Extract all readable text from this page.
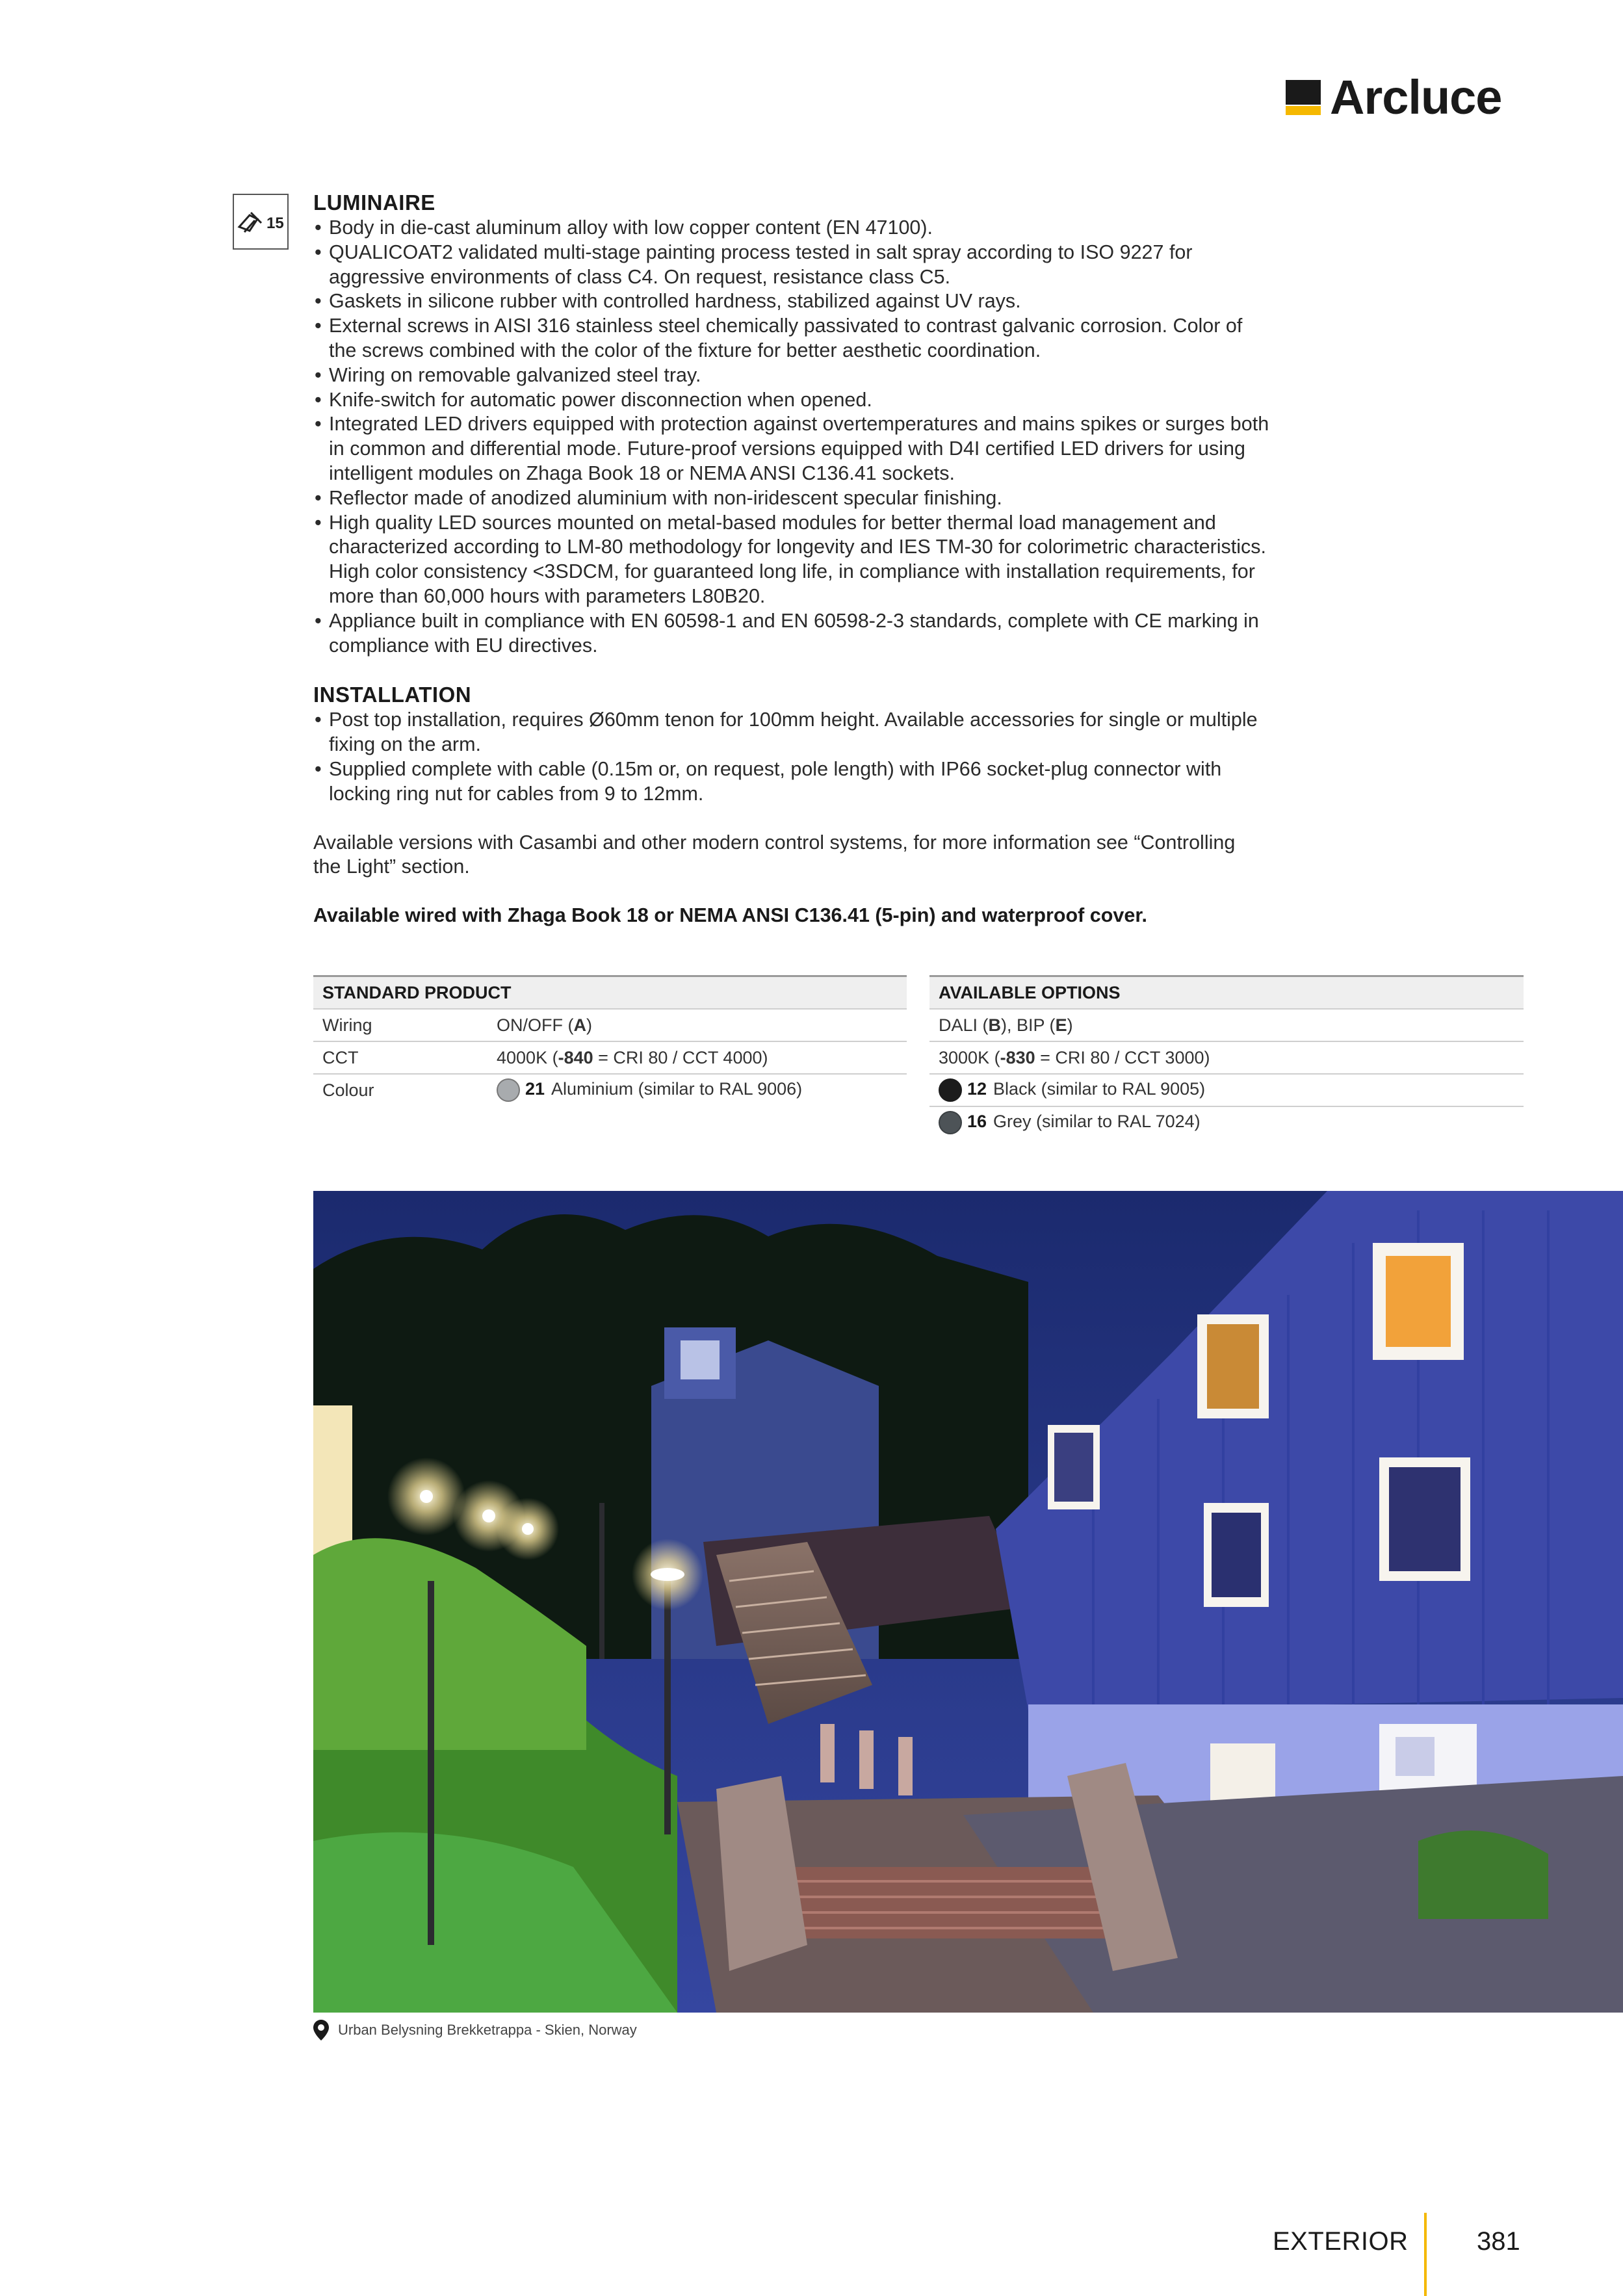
Arcluce
15
LUMINAIRE
• Body in die-cast aluminum alloy with low copper content (EN 47100).
• QUALICOAT2 validated multi-stage painting process tested in salt spray according to ISO 9227 for
aggressive environments of class C4. On request, resistance class C5.
• Gaskets in silicone rubber with controlled hardness, stabilized against UV rays.
• External screws in AISI 316 stainless steel chemically passivated to contrast galvanic corrosion. Color of
the screws combined with the color of the fixture for better aesthetic coordination.
• Wiring on removable galvanized steel tray.
• Knife-switch for automatic power disconnection when opened.
• Integrated LED drivers equipped with protection against overtemperatures and mains spikes or surges both
in common and differential mode. Future-proof versions equipped with D4I certified LED drivers for using
intelligent modules on Zhaga Book 18 or NEMA ANSI C136.41 sockets.
• Reflector made of anodized aluminium with non-iridescent specular finishing.
• High quality LED sources mounted on metal-based modules for better thermal load management and
characterized according to LM-80 methodology for longevity and IES TM-30 for colorimetric characteristics.
High color consistency <3SDCM, for guaranteed long life, in compliance with installation requirements, for
more than 60,000 hours with parameters L80B20.
• Appliance built in compliance with EN 60598-1 and EN 60598-2-3 standards, complete with CE marking in
compliance with EU directives.
INSTALLATION
• Post top installation, requires Ø60mm tenon for 100mm height. Available accessories for single or multiple
fixing on the arm.
• Supplied complete with cable (0.15m or, on request, pole length) with IP66 socket-plug connector with
locking ring nut for cables from 9 to 12mm.

Available versions with Casambi and other modern control systems, for more information see “Controlling
the Light” section.

Available wired with Zhaga Book 18 or NEMA ANSI C136.41 (5-pin) and waterproof cover.

STANDARD PRODUCT	
Wiring	ON/OFF (A)
CCT	4000K (-840 = CRI 80 / CCT 4000)
Colour	21 Aluminium (similar to RAL 9006)
AVAILABLE OPTIONS
DALI (B), BIP (E)
3000K (-830 = CRI 80 / CCT 3000)
12 Black (similar to RAL 9005)
16 Grey (similar to RAL 7024)
Urban Belysning Brekketrappa - Skien, Norway
EXTERIOR	381
